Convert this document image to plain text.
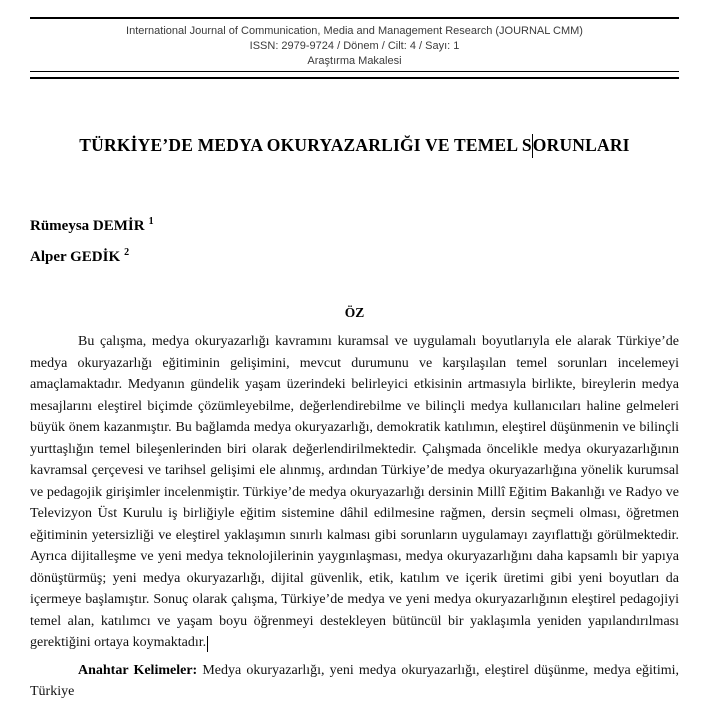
International Journal of Communication, Media and Management Research (JOURNAL CMM)
ISSN: 2979-9724 / Dönem / Cilt: 4 / Sayı: 1
Araştırma Makalesi
TÜRKİYE’DE MEDYA OKURYAZARLIĞI VE TEMEL SORUNLARI
Rümeysa DEMİR $^1$
Alper GEDİK $^2$
ÖZ
Bu çalışma, medya okuryazarlığı kavramını kuramsal ve uygulamalı boyutlarıyla ele alarak Türkiye’de medya okuryazarlığı eğitiminin gelişimini, mevcut durumunu ve karşılaşılan temel sorunları incelemeyi amaçlamaktadır. Medyanın gündelik yaşam üzerindeki belirleyici etkisinin artmasıyla birlikte, bireylerin medya mesajlarını eleştirel biçimde çözümleyebilme, değerlendirebilme ve bilinçli medya kullanıcıları haline gelmeleri büyük önem kazanmıştır. Bu bağlamda medya okuryazarlığı, demokratik katılımın, eleştirel düşünmenin ve bilinçli yurttaşlığın temel bileşenlerinden biri olarak değerlendirilmektedir. Çalışmada öncelikle medya okuryazarlığının kavramsal çerçevesi ve tarihsel gelişimi ele alınmış, ardından Türkiye’de medya okuryazarlığına yönelik kurumsal ve pedagojik girişimler incelenmiştir. Türkiye’de medya okuryazarlığı dersinin Millî Eğitim Bakanlığı ve Radyo ve Televizyon Üst Kurulu iş birliğiyle eğitim sistemine dâhil edilmesine rağmen, dersin seçmeli olması, öğretmen eğitiminin yetersizliği ve eleştirel yaklaşımın sınırlı kalması gibi sorunların uygulamayı zayıflattığı görülmektedir. Ayrıca dijitalleşme ve yeni medya teknolojilerinin yaygınlaşması, medya okuryazarlığını daha kapsamlı bir yapıya dönüştürmüş; yeni medya okuryazarlığı, dijital güvenlik, etik, katılım ve içerik üretimi gibi yeni boyutları da içermeye başlamıştır. Sonuç olarak çalışma, Türkiye’de medya ve yeni medya okuryazarlığının eleştirel pedagojiyi temel alan, katılımcı ve yaşam boyu öğrenmeyi destekleyen bütüncül bir yaklaşımla yeniden yapılandırılması gerektiğini ortaya koymaktadır.
Anahtar Kelimeler: Medya okuryazarlığı, yeni medya okuryazarlığı, eleştirel düşünme, medya eğitimi, Türkiye
